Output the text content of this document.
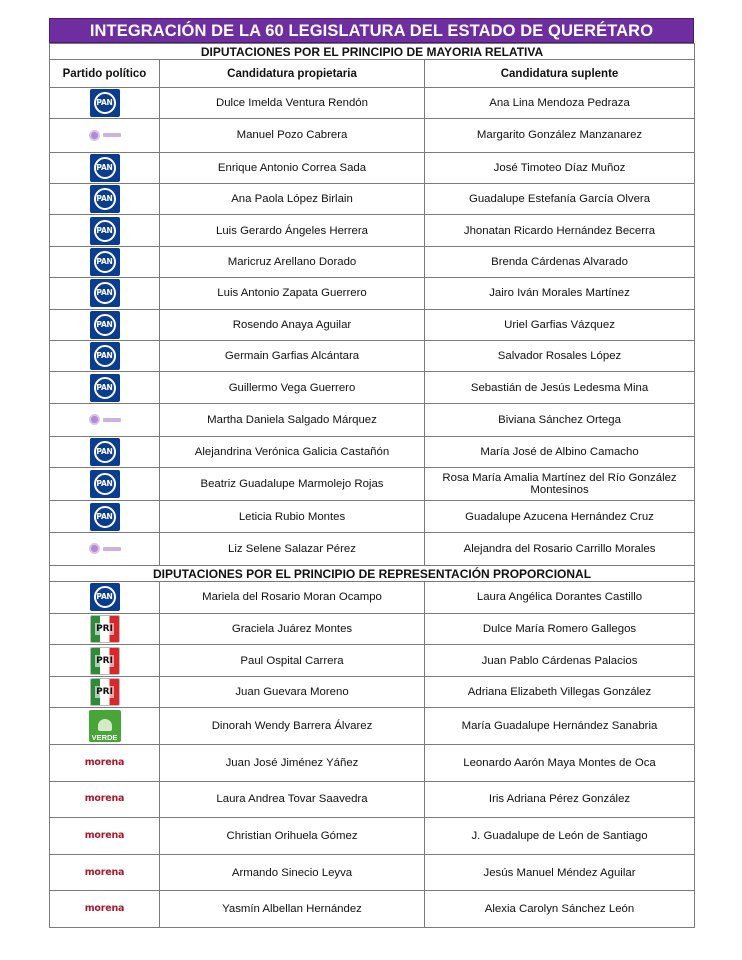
INTEGRACIÓN DE LA 60 LEGISLATURA DEL ESTADO DE QUERÉTARO
DIPUTACIONES POR EL PRINCIPIO DE MAYORIA RELATIVA		
Partido político	Candidatura propietaria	Candidatura suplente

PAN	Dulce Imelda Ventura Rendón	Ana Lina Mendoza Pedraza

	Manuel Pozo Cabrera	Margarito González Manzanarez

PAN	Enrique Antonio Correa Sada	José Timoteo Díaz Muñoz

PAN	Ana Paola López Birlain	Guadalupe Estefanía García Olvera

PAN	Luis Gerardo Ángeles Herrera	Jhonatan Ricardo Hernández Becerra

PAN	Maricruz Arellano Dorado	Brenda Cárdenas Alvarado

PAN	Luis Antonio Zapata Guerrero	Jairo Iván Morales Martínez

PAN	Rosendo Anaya Aguilar	Uriel Garfias Vázquez

PAN	Germain Garfias Alcántara	Salvador Rosales López

PAN	Guillermo Vega Guerrero	Sebastián de Jesús Ledesma Mina

	Martha Daniela Salgado Márquez	Biviana Sánchez Ortega

PAN	Alejandrina Verónica Galicia Castañón	María José de Albino Camacho

PAN	Beatriz Guadalupe Marmolejo Rojas	Rosa María Amalia Martínez del Río González Montesinos

PAN	Leticia Rubio Montes	Guadalupe Azucena Hernández Cruz

	Liz Selene Salazar Pérez	Alejandra del Rosario Carrillo Morales
DIPUTACIONES POR EL PRINCIPIO DE REPRESENTACIÓN PROPORCIONAL		

PAN	Mariela del Rosario Moran Ocampo	Laura Angélica Dorantes Castillo

PRI	Graciela Juárez Montes	Dulce María Romero Gallegos

PRI	Paul Ospital Carrera	Juan Pablo Cárdenas Palacios

PRI	Juan Guevara Moreno	Adriana Elizabeth Villegas González

VERDE	Dinorah Wendy Barrera Álvarez	María Guadalupe Hernández Sanabria
morena	Juan José Jiménez Yáñez	Leonardo Aarón Maya Montes de Oca
morena	Laura Andrea Tovar Saavedra	Iris Adriana Pérez González
morena	Christian Orihuela Gómez	J. Guadalupe de León de Santiago
morena	Armando Sinecio Leyva	Jesús Manuel Méndez Aguilar
morena	Yasmín Albellan Hernández	Alexia Carolyn Sánchez León
